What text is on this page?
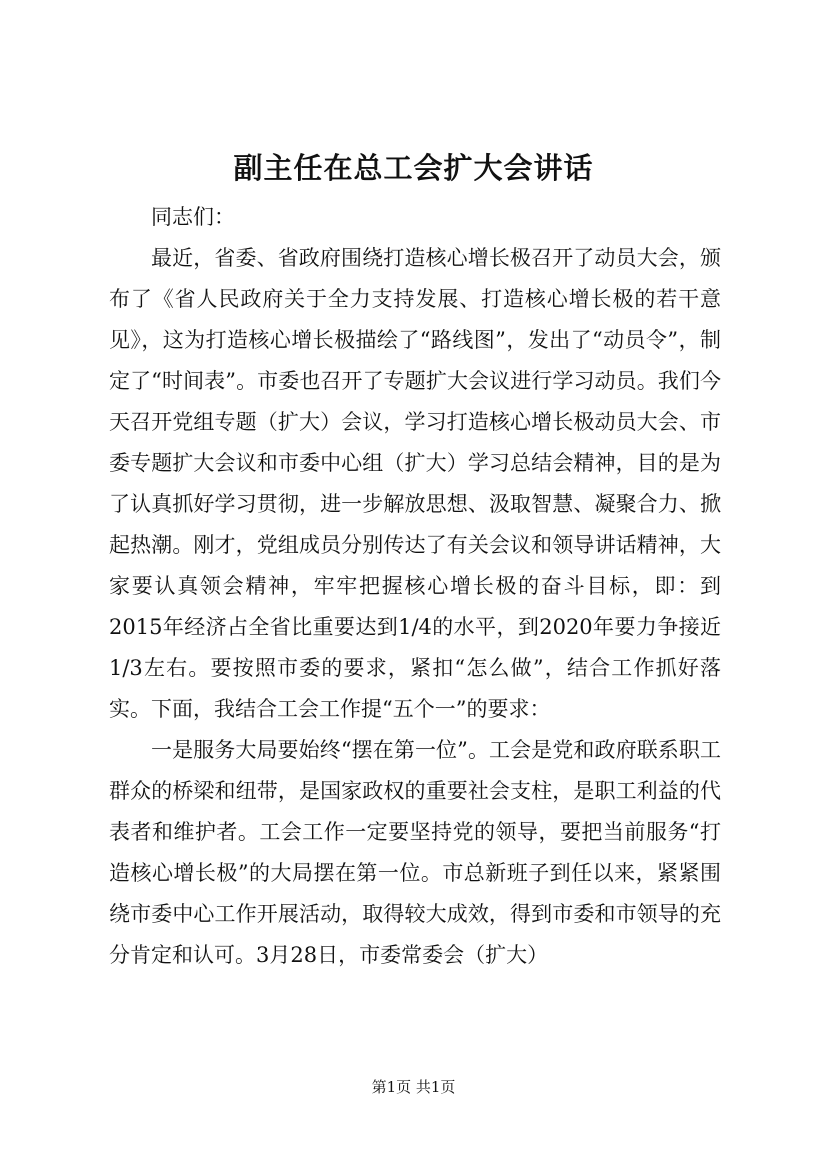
副主任在总工会扩大会讲话

同志们：

最近，省委、省政府围绕打造核心增长极召开了动员大会，颁布了《省人民政府关于全力支持发展、打造核心增长极的若干意见》，这为打造核心增长极描绘了“路线图”，发出了“动员令”，制定了“时间表”。市委也召开了专题扩大会议进行学习动员。我们今天召开党组专题（扩大）会议，学习打造核心增长极动员大会、市委专题扩大会议和市委中心组（扩大）学习总结会精神，目的是为了认真抓好学习贯彻，进一步解放思想、汲取智慧、凝聚合力、掀起热潮。刚才，党组成员分别传达了有关会议和领导讲话精神，大家要认真领会精神，牢牢把握核心增长极的奋斗目标，即：到2015年经济占全省比重要达到1/4的水平，到2020年要力争接近1/3左右。要按照市委的要求，紧扣“怎么做”，结合工作抓好落实。下面，我结合工会工作提“五个一”的要求：

一是服务大局要始终“摆在第一位”。工会是党和政府联系职工群众的桥梁和纽带，是国家政权的重要社会支柱，是职工利益的代表者和维护者。工会工作一定要坚持党的领导，要把当前服务“打造核心增长极”的大局摆在第一位。市总新班子到任以来，紧紧围绕市委中心工作开展活动，取得较大成效，得到市委和市领导的充分肯定和认可。3月28日，市委常委会（扩大）

第1页 共1页
